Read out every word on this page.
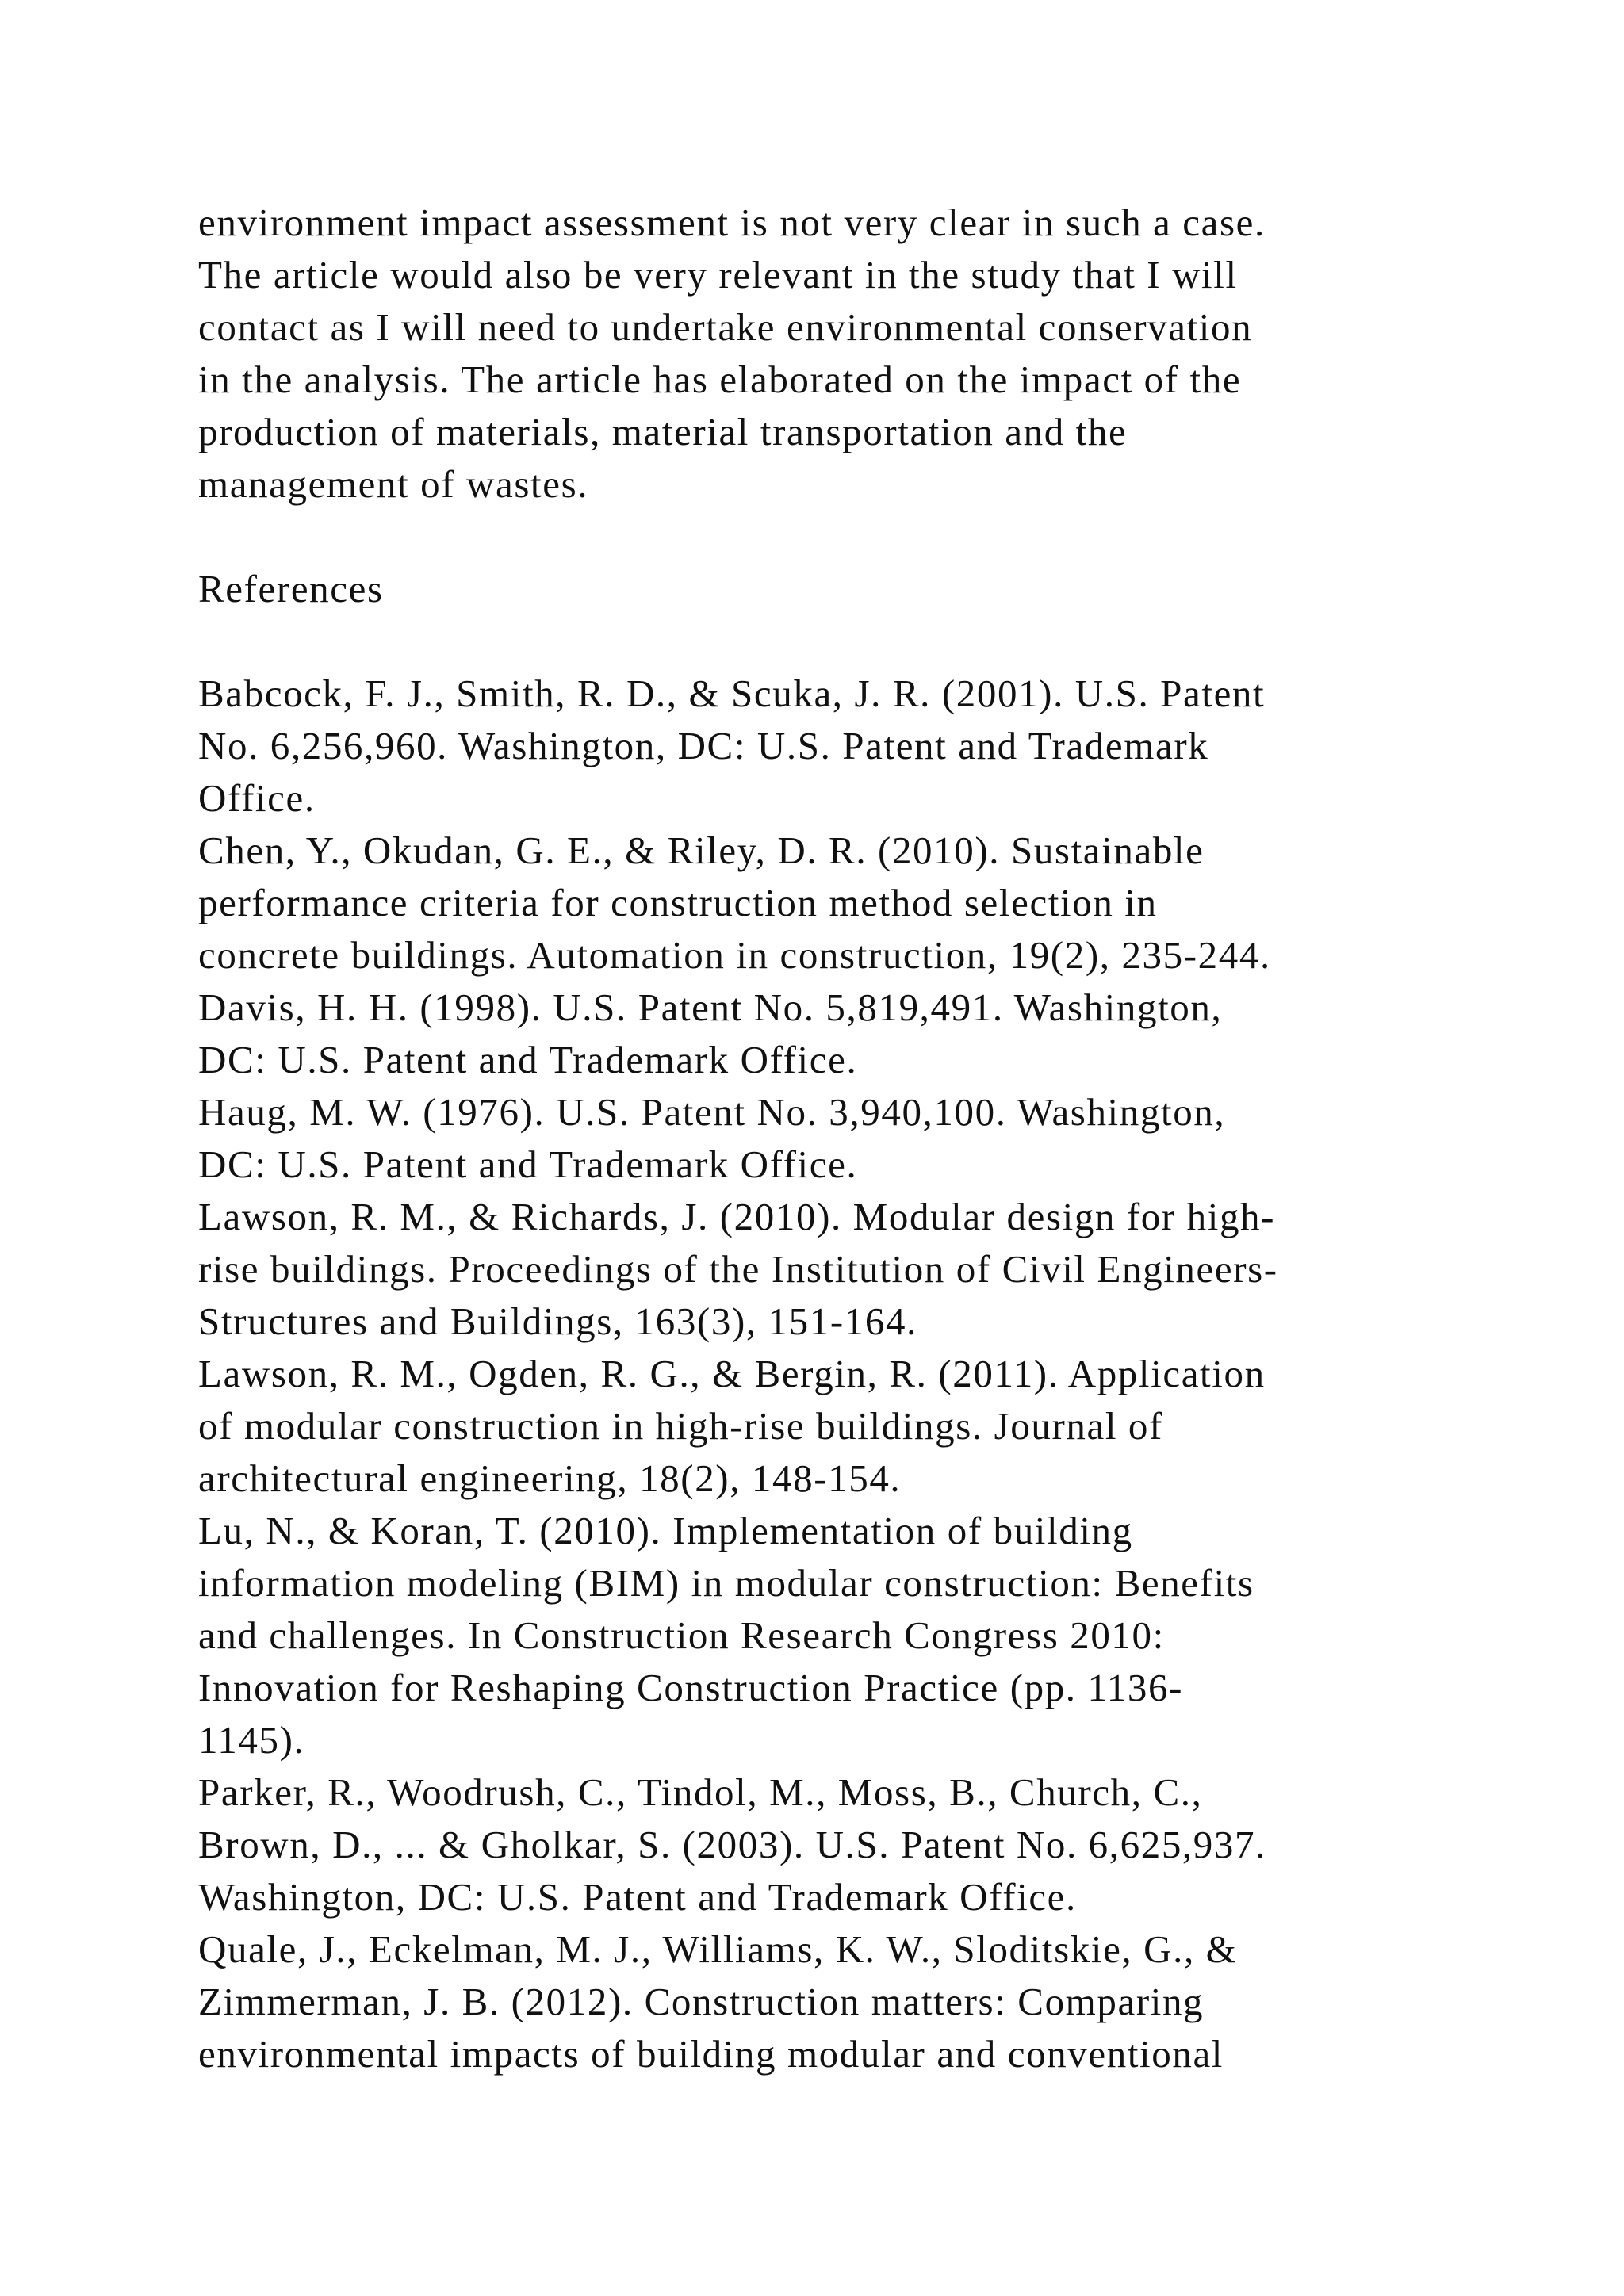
environment impact assessment is not very clear in such a case.
The article would also be very relevant in the study that I will
contact as I will need to undertake environmental conservation
in the analysis. The article has elaborated on the impact of the
production of materials, material transportation and the
management of wastes.
References
Babcock, F. J., Smith, R. D., & Scuka, J. R. (2001). U.S. Patent
No. 6,256,960. Washington, DC: U.S. Patent and Trademark
Office.
Chen, Y., Okudan, G. E., & Riley, D. R. (2010). Sustainable
performance criteria for construction method selection in
concrete buildings. Automation in construction, 19(2), 235-244.
Davis, H. H. (1998). U.S. Patent No. 5,819,491. Washington,
DC: U.S. Patent and Trademark Office.
Haug, M. W. (1976). U.S. Patent No. 3,940,100. Washington,
DC: U.S. Patent and Trademark Office.
Lawson, R. M., & Richards, J. (2010). Modular design for high-
rise buildings. Proceedings of the Institution of Civil Engineers-
Structures and Buildings, 163(3), 151-164.
Lawson, R. M., Ogden, R. G., & Bergin, R. (2011). Application
of modular construction in high-rise buildings. Journal of
architectural engineering, 18(2), 148-154.
Lu, N., & Koran, T. (2010). Implementation of building
information modeling (BIM) in modular construction: Benefits
and challenges. In Construction Research Congress 2010:
Innovation for Reshaping Construction Practice (pp. 1136-
1145).
Parker, R., Woodrush, C., Tindol, M., Moss, B., Church, C.,
Brown, D., ... & Gholkar, S. (2003). U.S. Patent No. 6,625,937.
Washington, DC: U.S. Patent and Trademark Office.
Quale, J., Eckelman, M. J., Williams, K. W., Sloditskie, G., &
Zimmerman, J. B. (2012). Construction matters: Comparing
environmental impacts of building modular and conventional
